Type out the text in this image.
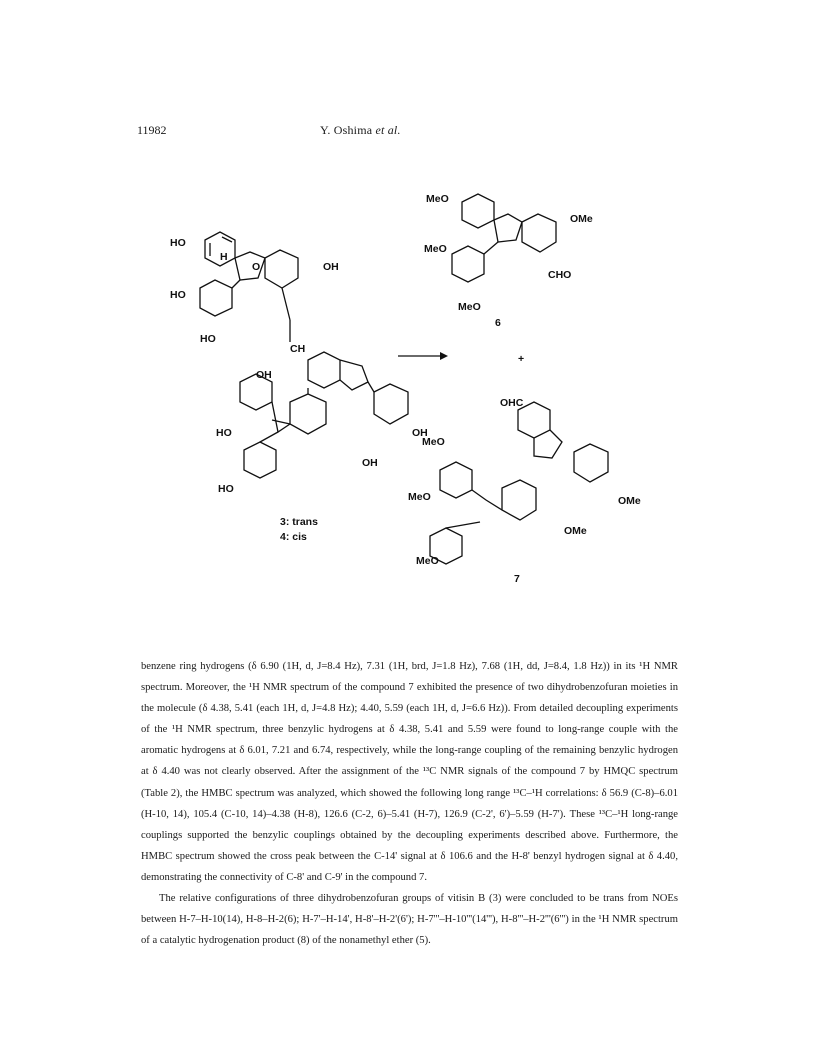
11982	Y. Oshima et al.
HO
H
O	OH
HO
HO
CH
OH
HO	OH
OH
HO
3: trans
4: cis
+
MeO
OMe
MeO
CHO
MeO
6
OHC
MeO
OMe
MeO
OMe
MeO
7

benzene ring hydrogens (δ 6.90 (1H, d, J=8.4 Hz), 7.31 (1H, brd, J=1.8 Hz), 7.68 (1H, dd, J=8.4, 1.8 Hz)) in its ¹H NMR spectrum. Moreover, the ¹H NMR spectrum of the compound 7 exhibited the presence of two dihydrobenzofuran moieties in the molecule (δ 4.38, 5.41 (each 1H, d, J=4.8 Hz); 4.40, 5.59 (each 1H, d, J=6.6 Hz)). From detailed decoupling experiments of the ¹H NMR spectrum, three benzylic hydrogens at δ 4.38, 5.41 and 5.59 were found to long-range couple with the aromatic hydrogens at δ 6.01, 7.21 and 6.74, respectively, while the long-range coupling of the remaining benzylic hydrogen at δ 4.40 was not clearly observed. After the assignment of the ¹³C NMR signals of the compound 7 by HMQC spectrum (Table 2), the HMBC spectrum was analyzed, which showed the following long range ¹³C–¹H correlations: δ 56.9 (C-8)–6.01 (H-10, 14), 105.4 (C-10, 14)–4.38 (H-8), 126.6 (C-2, 6)–5.41 (H-7), 126.9 (C-2', 6')–5.59 (H-7'). These ¹³C–¹H long-range couplings supported the benzylic couplings obtained by the decoupling experiments described above. Furthermore, the HMBC spectrum showed the cross peak between the C-14' signal at δ 106.6 and the H-8' benzyl hydrogen signal at δ 4.40, demonstrating the connectivity of C-8' and C-9' in the compound 7.

The relative configurations of three dihydrobenzofuran groups of vitisin B (3) were concluded to be trans from NOEs between H-7–H-10(14), H-8–H-2(6); H-7'–H-14', H-8'–H-2'(6'); H-7'''–H-10'''(14'''), H-8'''–H-2'''(6''') in the ¹H NMR spectrum of a catalytic hydrogenation product (8) of the nonamethyl ether (5).
